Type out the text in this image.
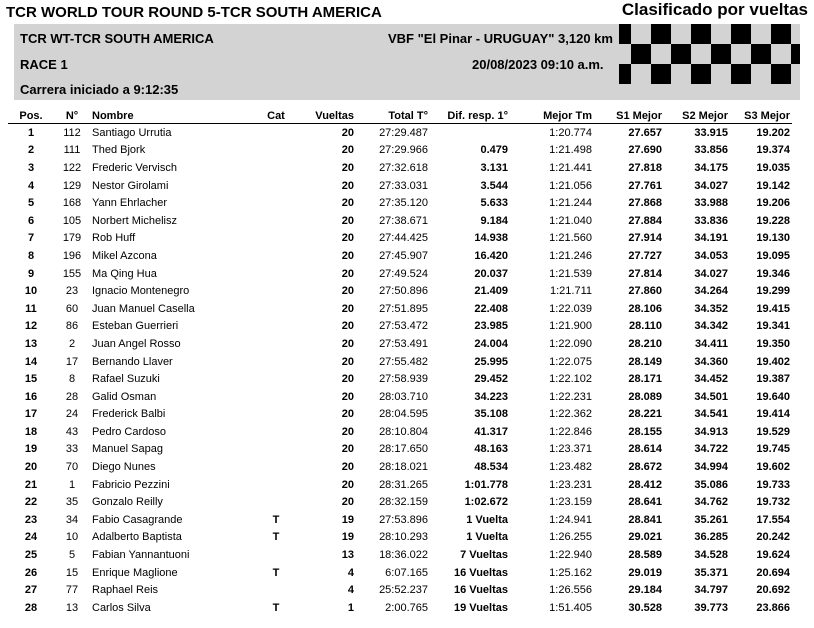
TCR WORLD TOUR ROUND 5-TCR SOUTH AMERICA	Clasificado por vueltas
TCR WT-TCR SOUTH AMERICA
RACE 1
Carrera iniciado a 9:12:35
VBF "El Pinar - URUGUAY" 3,120 km
20/08/2023 09:10 a.m.
Pos.	N°	Nombre	Cat	Vueltas	Total T°	Dif. resp. 1°	Mejor Tm	S1 Mejor	S2 Mejor	S3 Mejor
1	112	Santiago Urrutia		20	27:29.487		1:20.774	27.657	33.915	19.202
2	111	Thed Bjork		20	27:29.966	0.479	1:21.498	27.690	33.856	19.374
3	122	Frederic Vervisch		20	27:32.618	3.131	1:21.441	27.818	34.175	19.035
4	129	Nestor Girolami		20	27:33.031	3.544	1:21.056	27.761	34.027	19.142
5	168	Yann Ehrlacher		20	27:35.120	5.633	1:21.244	27.868	33.988	19.206
6	105	Norbert Michelisz		20	27:38.671	9.184	1:21.040	27.884	33.836	19.228
7	179	Rob Huff		20	27:44.425	14.938	1:21.560	27.914	34.191	19.130
8	196	Mikel Azcona		20	27:45.907	16.420	1:21.246	27.727	34.053	19.095
9	155	Ma Qing Hua		20	27:49.524	20.037	1:21.539	27.814	34.027	19.346
10	23	Ignacio Montenegro		20	27:50.896	21.409	1:21.711	27.860	34.264	19.299
11	60	Juan Manuel Casella		20	27:51.895	22.408	1:22.039	28.106	34.352	19.415
12	86	Esteban Guerrieri		20	27:53.472	23.985	1:21.900	28.110	34.342	19.341
13	2	Juan Angel Rosso		20	27:53.491	24.004	1:22.090	28.210	34.411	19.350
14	17	Bernando Llaver		20	27:55.482	25.995	1:22.075	28.149	34.360	19.402
15	8	Rafael Suzuki		20	27:58.939	29.452	1:22.102	28.171	34.452	19.387
16	28	Galid Osman		20	28:03.710	34.223	1:22.231	28.089	34.501	19.640
17	24	Frederick Balbi		20	28:04.595	35.108	1:22.362	28.221	34.541	19.414
18	43	Pedro Cardoso		20	28:10.804	41.317	1:22.846	28.155	34.913	19.529
19	33	Manuel Sapag		20	28:17.650	48.163	1:23.371	28.614	34.722	19.745
20	70	Diego Nunes		20	28:18.021	48.534	1:23.482	28.672	34.994	19.602
21	1	Fabricio Pezzini		20	28:31.265	1:01.778	1:23.231	28.412	35.086	19.733
22	35	Gonzalo Reilly		20	28:32.159	1:02.672	1:23.159	28.641	34.762	19.732
23	34	Fabio Casagrande	T	19	27:53.896	1 Vuelta	1:24.941	28.841	35.261	17.554
24	10	Adalberto Baptista	T	19	28:10.293	1 Vuelta	1:26.255	29.021	36.285	20.242
25	5	Fabian Yannantuoni		13	18:36.022	7 Vueltas	1:22.940	28.589	34.528	19.624
26	15	Enrique Maglione	T	4	6:07.165	16 Vueltas	1:25.162	29.019	35.371	20.694
27	77	Raphael Reis		4	25:52.237	16 Vueltas	1:26.556	29.184	34.797	20.692
28	13	Carlos Silva	T	1	2:00.765	19 Vueltas	1:51.405	30.528	39.773	23.866
